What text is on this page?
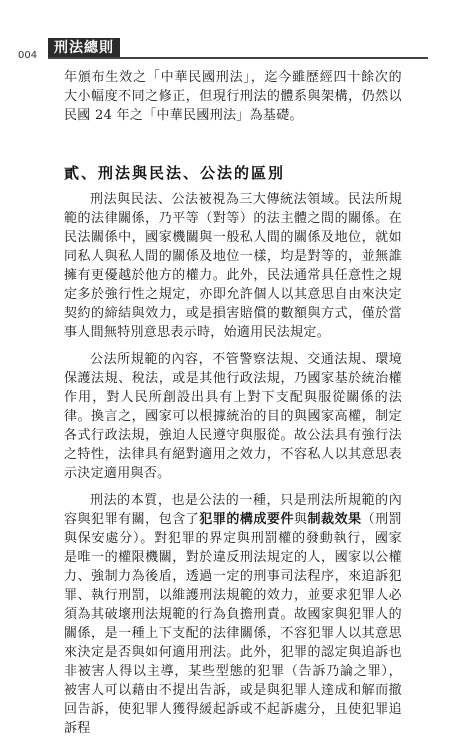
004	刑法總則

年頒布生效之「中華民國刑法」，迄今雖歷經四十餘次的大小幅度不同之修正，但現行刑法的體系與架構，仍然以民國 24 年之「中華民國刑法」為基礎。

貳、刑法與民法、公法的區別

刑法與民法、公法被視為三大傳統法領域。民法所規範的法律關係，乃平等（對等）的法主體之間的關係。在民法關係中，國家機關與一般私人間的關係及地位，就如同私人與私人間的關係及地位一樣，均是對等的，並無誰擁有更優越於他方的權力。此外，民法通常具任意性之規定多於強行性之規定，亦即允許個人以其意思自由來決定契約的締結與效力，或是損害賠償的數額與方式，僅於當事人間無特別意思表示時，始適用民法規定。

公法所規範的內容，不管警察法規、交通法規、環境保護法規、稅法，或是其他行政法規，乃國家基於統治權作用，對人民所創設出具有上對下支配與服從關係的法律。換言之，國家可以根據統治的目的與國家高權，制定各式行政法規，強迫人民遵守與服從。故公法具有強行法之特性，法律具有絕對適用之效力，不容私人以其意思表示決定適用與否。

刑法的本質，也是公法的一種，只是刑法所規範的內容與犯罪有關，包含了犯罪的構成要件與制裁效果（刑罰與保安處分）。對犯罪的界定與刑罰權的發動執行，國家是唯一的權限機關，對於違反刑法規定的人，國家以公權力、強制力為後盾，透過一定的刑事司法程序，來追訴犯罪、執行刑罰，以維護刑法規範的效力，並要求犯罪人必須為其破壞刑法規範的行為負擔刑責。故國家與犯罪人的關係，是一種上下支配的法律關係，不容犯罪人以其意思來決定是否與如何適用刑法。此外，犯罪的認定與追訴也非被害人得以主導，某些型態的犯罪（告訴乃論之罪），被害人可以藉由不提出告訴，或是與犯罪人達成和解而撤回告訴，使犯罪人獲得緩起訴或不起訴處分，且使犯罪追訴程
